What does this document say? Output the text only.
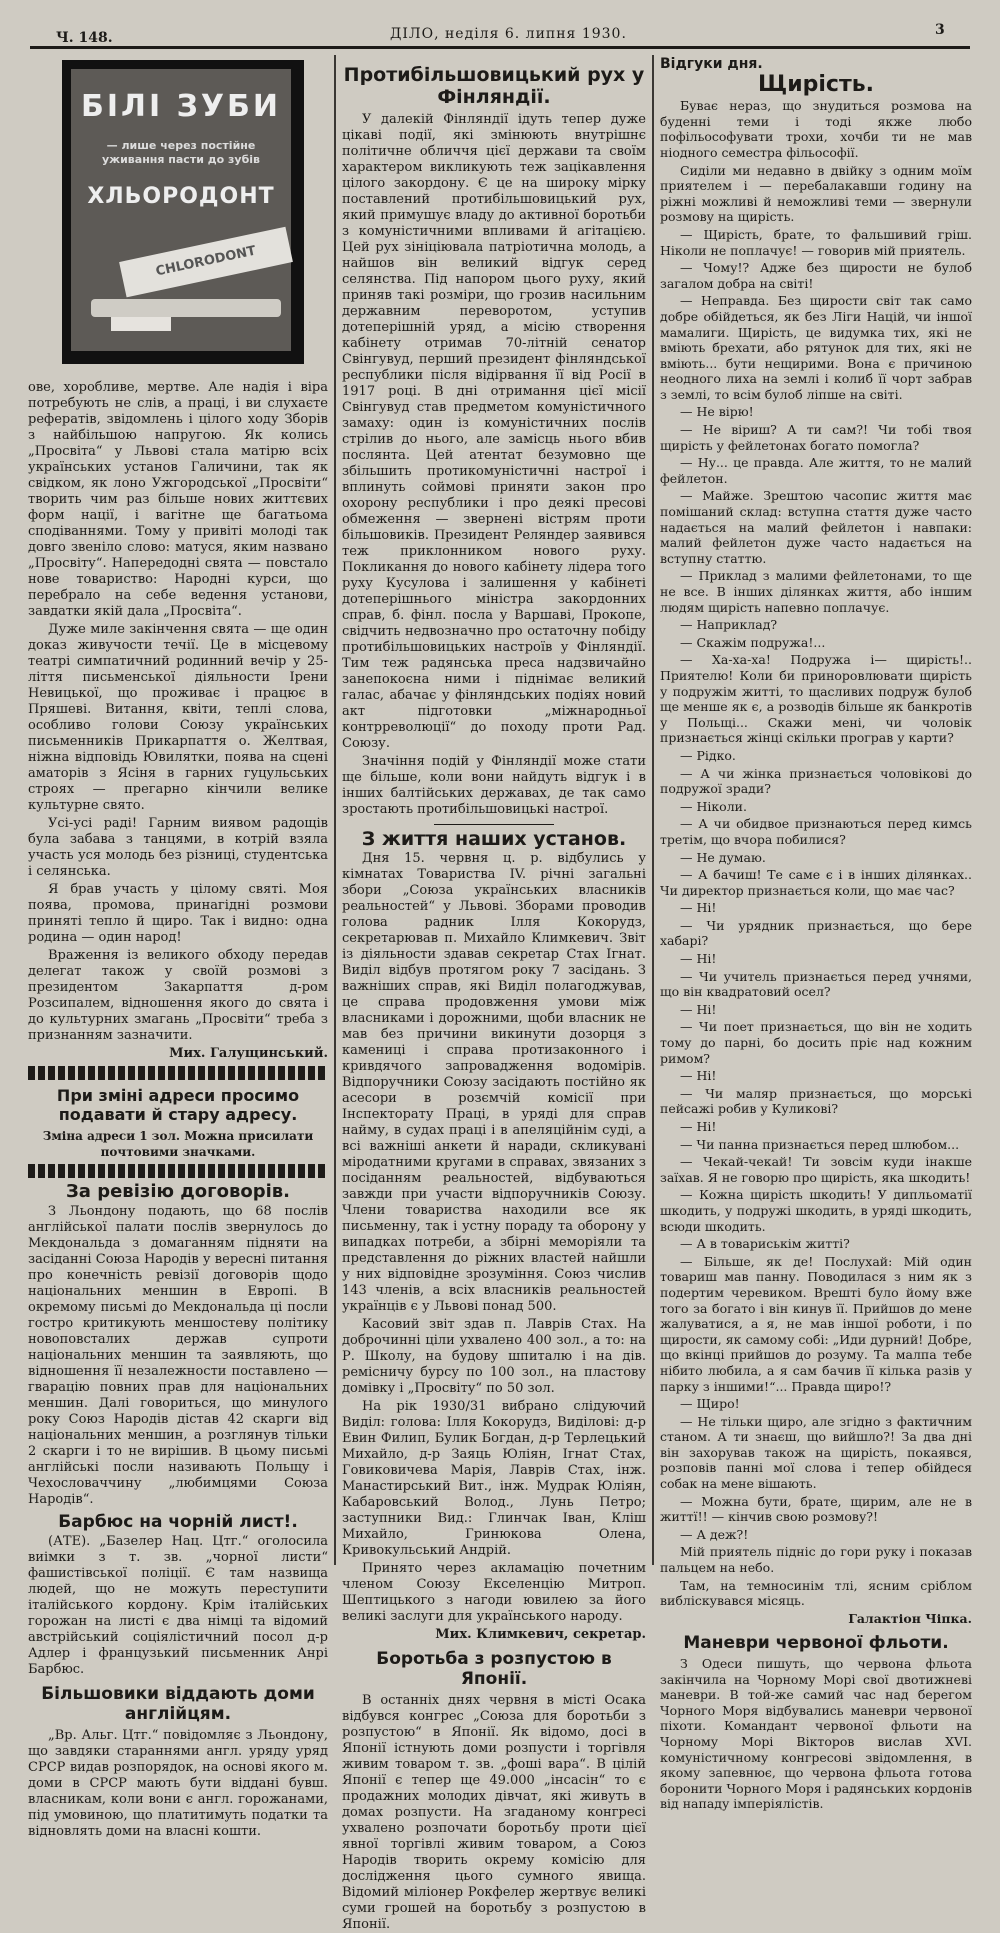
Ч. 148.	ДІЛО, неділя 6. липня 1930.	3
БІЛІ ЗУБИ
— лише через постійне уживання пасти до зубів
ХЛЬОРОДОНТ
CHLORODONT

ове, хоробливе, мертве. Але надія і віра потребують не слів, а праці, і ви слухаєте рефератів, звідомлень і цілого ходу Зборів з найбільшою напругою. Як колись „Просвіта“ у Львові стала матірю всіх українських установ Галичини, так як свідком, як лоно Ужгородської „Просвіти“ творить чим раз більше нових життєвих форм нації, і вагітне ще багатьома сподіваннями. Тому у привіті молоді так довго звеніло слово: матуся, яким названо „Просвіту“. Напередодні свята — повстало нове товариство: Народні курси, що перебрало на себе ведення установи, завдатки якій дала „Просвіта“.

Дуже миле закінчення свята — ще один доказ живучости течії. Це в місцевому театрі симпатичний родинний вечір у 25-ліття письменської діяльности Ірени Невицької, що проживає і працює в Пряшеві. Витання, квіти, теплі слова, особливо голови Союзу українських письменників Прикарпаття о. Желтвая, ніжна відповідь Ювилятки, поява на сцені аматорів з Ясіня в гарних гуцульських строях — прегарно кінчили велике культурне свято.

Усі-усі раді! Гарним виявом радощів була забава з танцями, в котрій взяла участь уся молодь без різниці, студентська і селянська.

Я брав участь у цілому святі. Моя поява, промова, принагідні розмови приняті тепло й щиро. Так і видно: одна родина — один народ!

Враження із великого обходу передав делегат також у своїй розмові з президентом Закарпаття д-ром Розсипалем, відношення якого до свята і до культурних змагань „Просвіти“ треба з признанням зазначити.

Мих. Галущинський.
При зміні адреси просимо подавати й стару адресу.
Зміна адреси 1 зол. Можна присилати почтовими значками.
За ревізію договорів.

З Льондону подають, що 68 послів англійської палати послів звернулось до Мекдональда з домаганням підняти на засіданні Союза Народів у вересні питання про конечність ревізії договорів щодо національних меншин в Европі. В окремому письмі до Мекдональда ці посли гостро критикують меншостеву політику новоповсталих держав супроти національних меншин та заявляють, що відношення її незалежности поставлено — гварацію повних прав для національних меншин. Далі говориться, що минулого року Союз Народів дістав 42 скарги від національних меншин, а розглянув тільки 2 скарги і то не вирішив. В цьому письмі англійські посли називають Польщу і Чехословаччину „любимцями Союза Народів“.

Барбюс на чорній лист!.

(АТЕ). „Базелер Нац. Цтг.“ оголосила виімки з т. зв. „чорної листи“ фашистівської поліції. Є там назвища людей, що не можуть переступити італійського кордону. Крім італійських горожан на листі є два німці та відомий австрійський соціялістичний посол д-р Адлер і французький письменник Анрі Барбюс.

Більшовики віддають доми англійцям.

„Вр. Альг. Цтг.“ повідомляє з Льондону, що завдяки стараннями англ. уряду уряд СРСР видав розпорядок, на основі якого м. доми в СРСР мають бути віддані бувш. власникам, коли вони є англ. горожанами, під умовиною, що платитимуть податки та відновлять доми на власні кошти.

Протибільшовицький рух у Фінляндії.

У далекій Фінляндії ідуть тепер дуже цікаві події, які змінюють внутрішнє політичне обличчя цієї держави та своїм характером викликують теж зацікавлення цілого закордону. Є це на широку мірку поставлений протибільшовицький рух, який примушує владу до активної боротьби з комуністичними впливами й агітацією. Цей рух зініціювала патріотична молодь, а найшов він великий відгук серед селянства. Під напором цього руху, який приняв такі розміри, що грозив насильним державним переворотом, уступив дотеперішній уряд, а місію створення кабінету отримав 70-літній сенатор Свінгувуд, перший президент фінляндської республики після відірвання її від Росії в 1917 році. В дні отримання цієї місії Свінгувуд став предметом комуністичного замаху: один із комуністичних послів стрілив до нього, але замісць нього вбив послянта. Цей атентат безумовно ще збільшить протикомуністичні настрої і вплинуть соймові приняти закон про охорону республики і про деякі пресові обмеження — звернені вістрям проти більшовиків. Президент Реляндер заявився теж приклонником нового руху. Покликання до нового кабінету лідера того руху Кусулова і залишення у кабінеті дотеперішнього міністра закордонних справ, б. фінл. посла у Варшаві, Прокопе, свідчить недвозначно про остаточну побіду протибільшовицьких настроїв у Фінляндії. Тим теж радянська преса надзвичайно занепокоєна ними і піднімає великий галас, абачає у фінляндських подіях новий акт підготовки „міжнародньої контрреволюції“ до походу проти Рад. Союзу.

Значіння подій у Фінляндії може стати ще більше, коли вони найдуть відгук і в інших балтійських державах, де так само зростають протибільшовицькі настрої.

З життя наших установ.

Дня 15. червня ц. р. відбулись у кімнатах Товариства IV. річні загальні збори „Союза українських власників реальностей“ у Львові. Зборами проводив голова радник Ілля Кокорудз, секретарював п. Михайло Климкевич. Звіт із діяльности здавав секретар Стах Ігнат. Виділ відбув протягом року 7 засідань. З важніших справ, які Виділ полагоджував, це справа продовження умови між власниками і дорожними, щоби власник не мав без причини викинути дозорця з камениці і справа протизаконного і кривдячого запровадження водомірів. Відпоручники Союзу засідають постійно як асесори в розємчій комісії при Інспекторату Праці, в уряді для справ найму, в судах праці і в апеляційнім суді, а всі важніші анкети й наради, скликувані міродатними кругами в справах, звязаних з посіданням реальностей, відбуваються завжди при участи відпоручників Союзу. Члени товариства находили все як письменну, так і устну пораду та оборону у випадках потреби, а збірні меморіяли та представлення до ріжних властей найшли у них відповідне зрозуміння. Союз числив 143 членів, а всіх власників реальностей українців є у Львові понад 500.

Касовий звіт здав п. Лаврів Стах. На доброчинні ціли ухвалено 400 зол., а то: на Р. Школу, на будову шпиталю і на дів. ремісничу бурсу по 100 зол., на пластову домівку і „Просвіту“ по 50 зол.

На рік 1930/31 вибрано слідуючий Виділ: голова: Ілля Кокорудз, Виділові: д-р Евин Филип, Булик Богдан, д-р Терлецький Михайло, д-р Заяць Юліян, Ігнат Стах, Говиковичева Марія, Лаврів Стах, інж. Манастирський Вит., інж. Мудрак Юліян, Кабаровський Волод., Лунь Петро; заступники Вид.: Глинчак Іван, Кліш Михайло, Гринюкова Олена, Кривокульський Андрій.

Принято через акламацію почетним членом Союзу Екселенцію Митроп. Шептицького з нагоди ювилею за його великі заслуги для українського народу.

Мих. Климкевич, секретар.
Боротьба з розпустою в Японії.

В останніх днях червня в місті Осака відбувся конгрес „Союза для боротьби з розпустою“ в Японії. Як відомо, досі в Японії істнують доми розпусти і торгівля живим товаром т. зв. „фошi вара“. В цілій Японії є тепер ще 49.000 „інсасін“ то є продажних молодих дівчат, які живуть в домах розпусти. На згаданому конгресі ухвалено розпочати боротьбу проти цієї явної торгівлі живим товаром, а Союз Народів творить окрему комісію для дослідження цього сумного явища. Відомий міліонер Рокфелер жертвує великі суми грошей на боротьбу з розпустою в Японії.

Відгуки дня.
Щирість.

Буває нераз, що знудиться розмова на буденні теми і тоді якже любо пофільософувати трохи, хочби ти не мав ніодного семестра фільософії.

Сиділи ми недавно в двійку з одним моїм приятелем і — перебалакавши годину на ріжні можливі й неможливі теми — звернули розмову на щирість.

— Щирість, брате, то фальшивий гріш. Ніколи не поплачує! — говорив мій приятель.

— Чому!? Адже без щирости не булоб загалом добра на світі!

— Неправда. Без щирости світ так само добре обійдеться, як без Ліги Націй, чи іншої мамалиги. Щирість, це видумка тих, які не вміють брехати, або рятунок для тих, які не вміють... бути нещирими. Вона є причиною неодного лиха на землі і колиб її чорт забрав з землі, то всім булоб ліпше на світі.

— Не вірю!

— Не віриш? А ти сам?! Чи тобі твоя щирість у фейлетонах богато помогла?

— Ну... це правда. Але життя, то не малий фейлетон.

— Майже. Зрештою часопис життя має помішаний склад: вступна стаття дуже часто надається на малий фейлетон і навпаки: малий фейлетон дуже часто надається на вступну статтю.

— Приклад з малими фейлетонами, то ще не все. В інших ділянках життя, або іншим людям щирість напевно поплачує.

— Наприклад?

— Скажім подружа!...

— Ха-ха-ха! Подружа і— щирість!.. Приятелю! Коли би приноровлювати щирість у подружім житті, то щасливих подруж булоб ще менше як є, а розводів більше як банкротів у Польщі... Скажи мені, чи чоловік признається жінці скільки програв у карти?

— Рідко.

— А чи жінка признається чоловікові до подружої зради?

— Ніколи.

— А чи обидвое признаються перед кимсь третім, що вчора побилися?

— Не думаю.

— А бачиш! Те саме є і в інших ділянках.. Чи директор признається коли, що має час?

— Ні!

— Чи урядник признається, що бере хабарі?

— Ні!

— Чи учитель признається перед учнями, що він квадратовий осел?

— Ні!

— Чи поет признається, що він не ходить тому до парні, бо досить пріє над кожним римом?

— Ні!

— Чи маляр признається, що морські пейсажі робив у Куликові?

— Ні!

— Чи панна признається перед шлюбом...

— Чекай-чекай! Ти зовсім куди інакше заїхав. Я не говорю про щирість, яка шкодить!

— Кожна щирість шкодить! У дипльоматії шкодить, у подружі шкодить, в уряді шкодить, всюди шкодить.

— А в товариськім житті?

— Більше, як де! Послухай: Мій один товариш мав панну. Поводилася з ним як з подертим черевиком. Врешті було йому вже того за богато і він кинув її. Прийшов до мене жалуватися, а я, не мав іншої роботи, і по щирости, як самому собі: „Иди дурний! Добре, що вкінці прийшов до розуму. Та малпа тебе нібито любила, а я сам бачив її кілька разів у парку з іншими!“... Правда щиро!?

— Щиро!

— Не тільки щиро, але згідно з фактичним станом. А ти знаєш, що вийшло?! За два дні він захорував також на щирість, покаявся, розповів панні мої слова і тепер обійдеся собак на мене вішають.

— Можна бути, брате, щирим, але не в життї!! — кінчив свою розмову?!

— А деж?!

Мій приятель підніс до гори руку і показав пальцем на небо.

Там, на темносинім тлі, ясним сріблом вибліскувався місяць.

Галактіон Чіпка.
Маневри червоної фльоти.

З Одеси пишуть, що червона фльота закінчила на Чорному Морі свої двотижневі маневри. В той-же самий час над берегом Чорного Моря відбувались маневри червоної піхоти. Командант червоної фльоти на Чорному Морі Вікторов вислав XVI. комуністичному конгресові звідомлення, в якому запевнює, що червона фльота готова боронити Чорного Моря і радянських кордонів від нападу імперіялістів.
